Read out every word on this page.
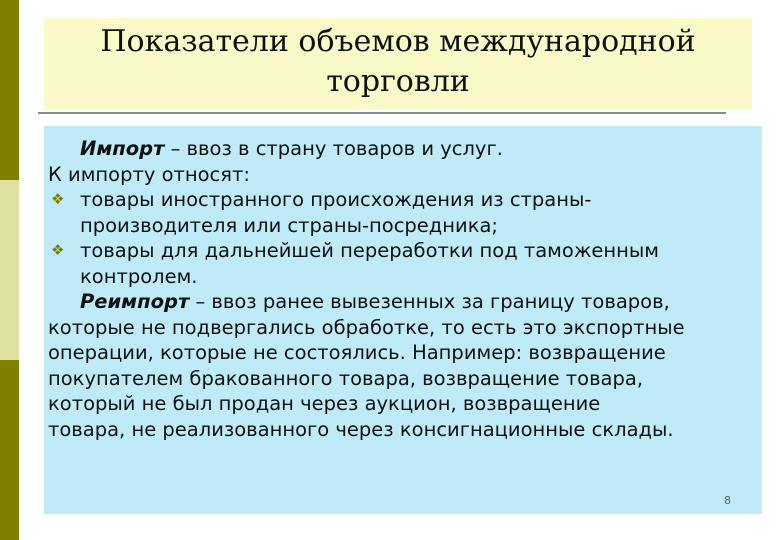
Показатели объемов международной
торговли
Импорт – ввоз в страну товаров и услуг.
К импорту относят:
❖ товары иностранного происхождения из страны-
производителя или страны-посредника;
❖ товары для дальнейшей переработки под таможенным
контролем.
Реимпорт – ввоз ранее вывезенных за границу товаров,
которые не подвергались обработке, то есть это экспортные
операции, которые не состоялись. Например: возвращение
покупателем бракованного товара, возвращение товара,
который не был продан через аукцион, возвращение
товара, не реализованного через консигнационные склады.
8
